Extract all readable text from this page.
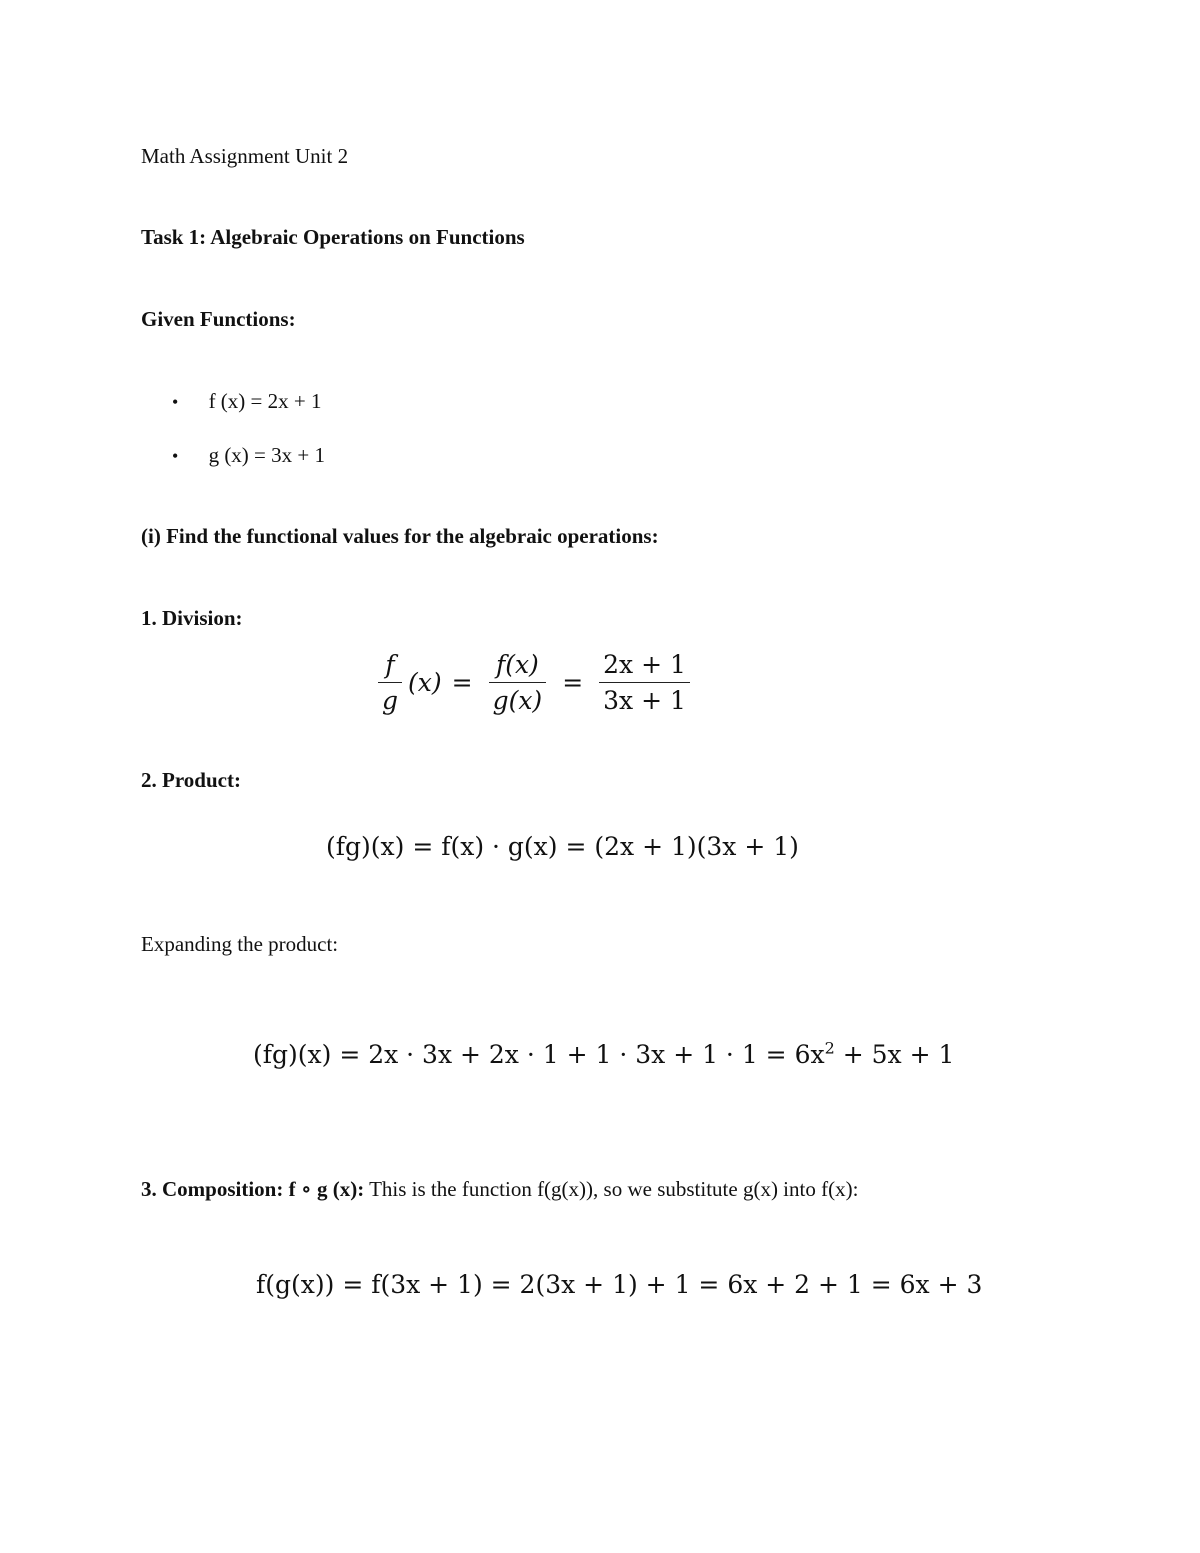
Math Assignment Unit 2
Task 1: Algebraic Operations on Functions
Given Functions:
• f (x) = 2x + 1
• g (x) = 3x + 1
(i) Find the functional values for the algebraic operations:
1. Division:
$\frac{f}{g} (x) = \frac{f(x)}{g(x)} = \frac{2x + 1}{3x + 1}$
2. Product:
(fg)(x) = f(x) · g(x) = (2x + 1)(3x + 1)
Expanding the product:
$(fg)(x) = 2x \cdot 3x + 2x \cdot 1 + 1 \cdot 3x + 1 \cdot 1 = 6x^2 + 5x + 1$
3. Composition: f ∘ g (x): This is the function f(g(x)), so we substitute g(x) into f(x):
f(g(x)) = f(3x + 1) = 2(3x + 1) + 1 = 6x + 2 + 1 = 6x + 3
